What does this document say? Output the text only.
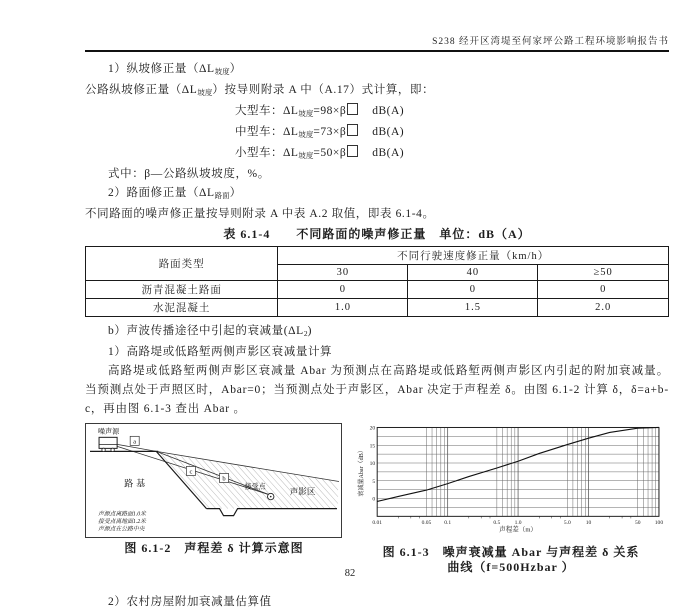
S238 经开区湾堤至何家坪公路工程环境影响报告书
1）纵坡修正量$(\Delta L_{坡度})$
公路纵坡修正量$(\Delta L_{坡度})$按导则附录 A 中（A.17）式计算，即：
大型车：$\Delta L_{坡度}=98\times\beta$ dB(A)
中型车：$\Delta L_{坡度}=73\times\beta$ dB(A)
小型车：$\Delta L_{坡度}=50\times\beta$ dB(A)
式中：β—公路纵坡坡度，%。
2）路面修正量$(\Delta L_{路面})$
不同路面的噪声修正量按导则附录 A 中表 A.2 取值，即表 6.1-4。
表 6.1-4　　不同路面的噪声修正量　单位：dB（A）
路面类型	不同行驶速度修正量（km/h）		
	30	40	≥50
沥青混凝土路面	0	0	0
水泥混凝土	1.0	1.5	2.0
b）声波传播途径中引起的衰减量$(\Delta L_2)$
1）高路堤或低路堑两侧声影区衰减量计算
高路堤或低路堑两侧声影区衰减量 Abar 为预测点在高路堤或低路堑两侧声影区内引起的附加衰减量。当预测点处于声照区时，Abar=0；当预测点处于声影区，Abar 决定于声程差 δ。由图 6.1-2 计算 δ，δ=a+b-c，再由图 6.1-3 查出 Abar 。
a
c
b
噪声源
路基	接受点
声影区
声源点离路面1.0米
接受点离地面1.2米
声源点在公路中央
图 6.1-2　声程差 δ 计算示意图
0
5
10
15
20
0.01	0.05 0.1	0.5	1.0	5.0	10	50	100
声程差（m）
衰减量Abar（dB）
图 6.1-3　噪声衰减量 Abar 与声程差 δ 关系
曲线（f=500Hzbar ）
2）农村房屋附加衰减量估算值
82
